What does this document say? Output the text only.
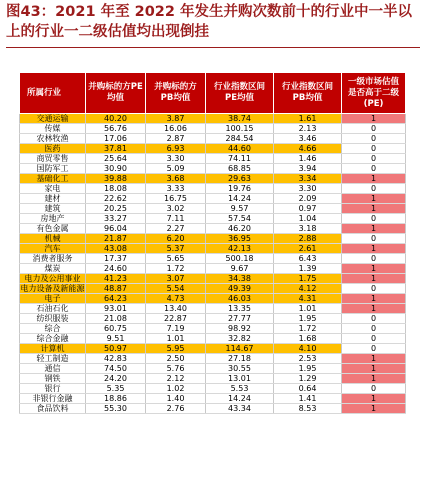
图43：2021 年至 2022 年发生并购次数前十的行业中一半以上的行业一二级估值均出现倒挂
所属行业	并购标的方PE均值	并购标的方PB均值	行业指数区间PE均值	行业指数区间PB均值	一级市场估值是否高于二级(PE)
交通运输	40.20	3.87	38.74	1.61	1
传媒	56.76	16.06	100.15	2.13	0
农林牧渔	17.06	2.87	284.54	3.46	0
医药	37.81	6.93	44.60	4.66	0
商贸零售	25.64	3.30	74.11	1.46	0
国防军工	30.90	5.09	68.85	3.94	0
基础化工	39.88	3.68	29.63	3.34	1
家电	18.08	3.33	19.76	3.30	0
建材	22.62	16.75	14.24	2.09	1
建筑	20.25	3.02	9.57	0.97	1
房地产	33.27	7.11	57.54	1.04	0
有色金属	96.04	2.27	46.20	3.18	1
机械	21.87	6.20	36.95	2.88	0
汽车	43.08	5.37	42.13	2.61	1
消费者服务	17.37	5.65	500.18	6.43	0
煤炭	24.60	1.72	9.67	1.39	1
电力及公用事业	41.23	3.07	34.38	1.75	1
电力设备及新能源	48.87	5.54	49.39	4.12	0
电子	64.23	4.73	46.03	4.31	1
石油石化	93.01	13.40	13.35	1.01	1
纺织服装	21.08	22.87	27.77	1.95	0
综合	60.75	7.19	98.92	1.72	0
综合金融	9.51	1.01	32.82	1.68	0
计算机	50.97	5.95	114.67	4.10	0
轻工制造	42.83	2.50	27.18	2.53	1
通信	74.50	5.76	30.55	1.95	1
钢铁	24.20	2.12	13.01	1.29	1
银行	5.35	1.02	5.53	0.64	0
非银行金融	18.86	1.40	14.24	1.41	1
食品饮料	55.30	2.76	43.34	8.53	1
